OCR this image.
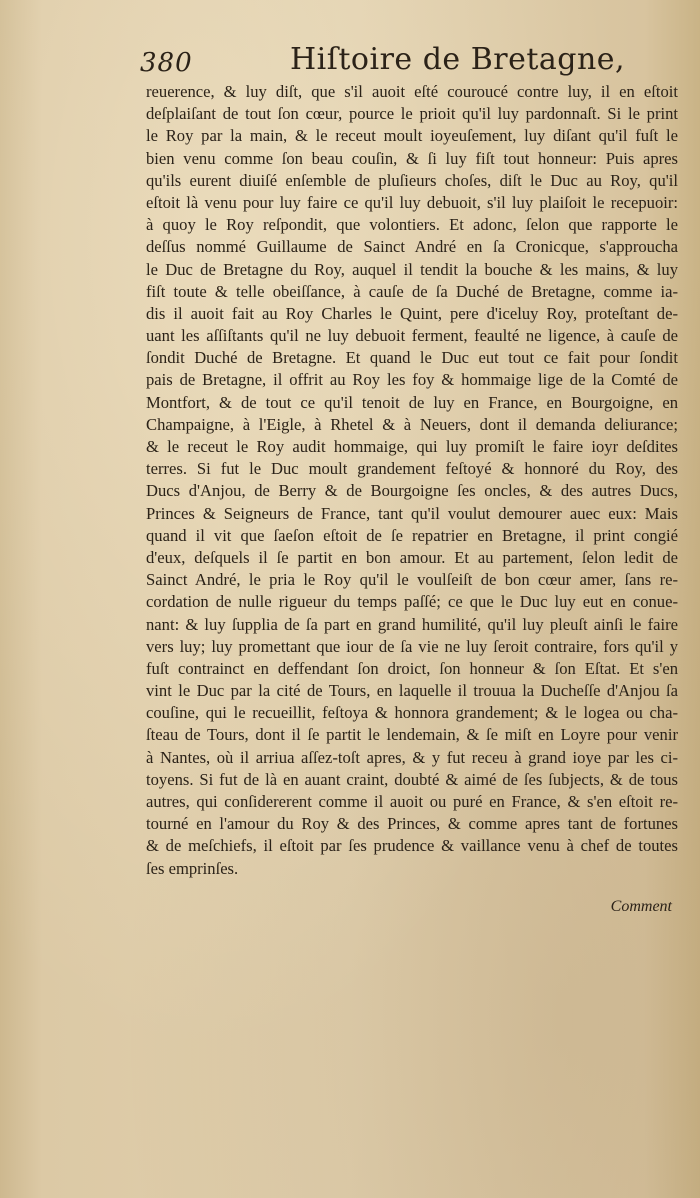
380	Hiſtoire de Bretagne,
reuerence, & luy diſt, que s'il auoit eſté couroucé contre luy, il en eſtoit
deſplaiſant de tout ſon cœur, pource le prioit qu'il luy pardonnaſt. Si le print
le Roy par la main, & le receut moult ioyeuſement, luy diſant qu'il fuſt le
bien venu comme ſon beau couſin, & ſi luy fiſt tout honneur: Puis apres
qu'ils eurent diuiſé enſemble de pluſieurs choſes, diſt le Duc au Roy, qu'il
eſtoit là venu pour luy faire ce qu'il luy debuoit, s'il luy plaiſoit le recepuoir:
à quoy le Roy reſpondit, que volontiers. Et adonc, ſelon que rapporte le
deſſus nommé Guillaume de Sainct André en ſa Cronicque, s'approucha
le Duc de Bretagne du Roy, auquel il tendit la bouche & les mains, & luy
fiſt toute & telle obeiſſance, à cauſe de ſa Duché de Bretagne, comme ia-
dis il auoit fait au Roy Charles le Quint, pere d'iceluy Roy, proteſtant de-
uant les aſſiſtants qu'il ne luy debuoit ferment, feaulté ne ligence, à cauſe de
ſondit Duché de Bretagne. Et quand le Duc eut tout ce fait pour ſondit
pais de Bretagne, il offrit au Roy les foy & hommaige lige de la Comté de
Montfort, & de tout ce qu'il tenoit de luy en France, en Bourgoigne, en
Champaigne, à l'Eigle, à Rhetel & à Neuers, dont il demanda deliurance;
& le receut le Roy audit hommaige, qui luy promiſt le faire ioyr deſdites
terres. Si fut le Duc moult grandement feſtoyé & honnoré du Roy, des
Ducs d'Anjou, de Berry & de Bourgoigne ſes oncles, & des autres Ducs,
Princes & Seigneurs de France, tant qu'il voulut demourer auec eux: Mais
quand il vit que ſaeſon eſtoit de ſe repatrier en Bretagne, il print congié
d'eux, deſquels il ſe partit en bon amour. Et au partement, ſelon ledit de
Sainct André, le pria le Roy qu'il le voulſeiſt de bon cœur amer, ſans re-
cordation de nulle rigueur du temps paſſé; ce que le Duc luy eut en conue-
nant: & luy ſupplia de ſa part en grand humilité, qu'il luy pleuſt ainſi le faire
vers luy; luy promettant que iour de ſa vie ne luy ſeroit contraire, fors qu'il y
fuſt contrainct en deffendant ſon droict, ſon honneur & ſon Eſtat. Et s'en
vint le Duc par la cité de Tours, en laquelle il trouua la Ducheſſe d'Anjou ſa
couſine, qui le recueillit, feſtoya & honnora grandement; & le logea ou cha-
ſteau de Tours, dont il ſe partit le lendemain, & ſe miſt en Loyre pour venir
à Nantes, où il arriua aſſez-toſt apres, & y fut receu à grand ioye par les ci-
toyens. Si fut de là en auant craint, doubté & aimé de ſes ſubjects, & de tous
autres, qui conſidererent comme il auoit ou puré en France, & s'en eſtoit re-
tourné en l'amour du Roy & des Princes, & comme apres tant de fortunes
& de meſchiefs, il eſtoit par ſes prudence & vaillance venu à chef de toutes
ſes emprinſes.
Comment
